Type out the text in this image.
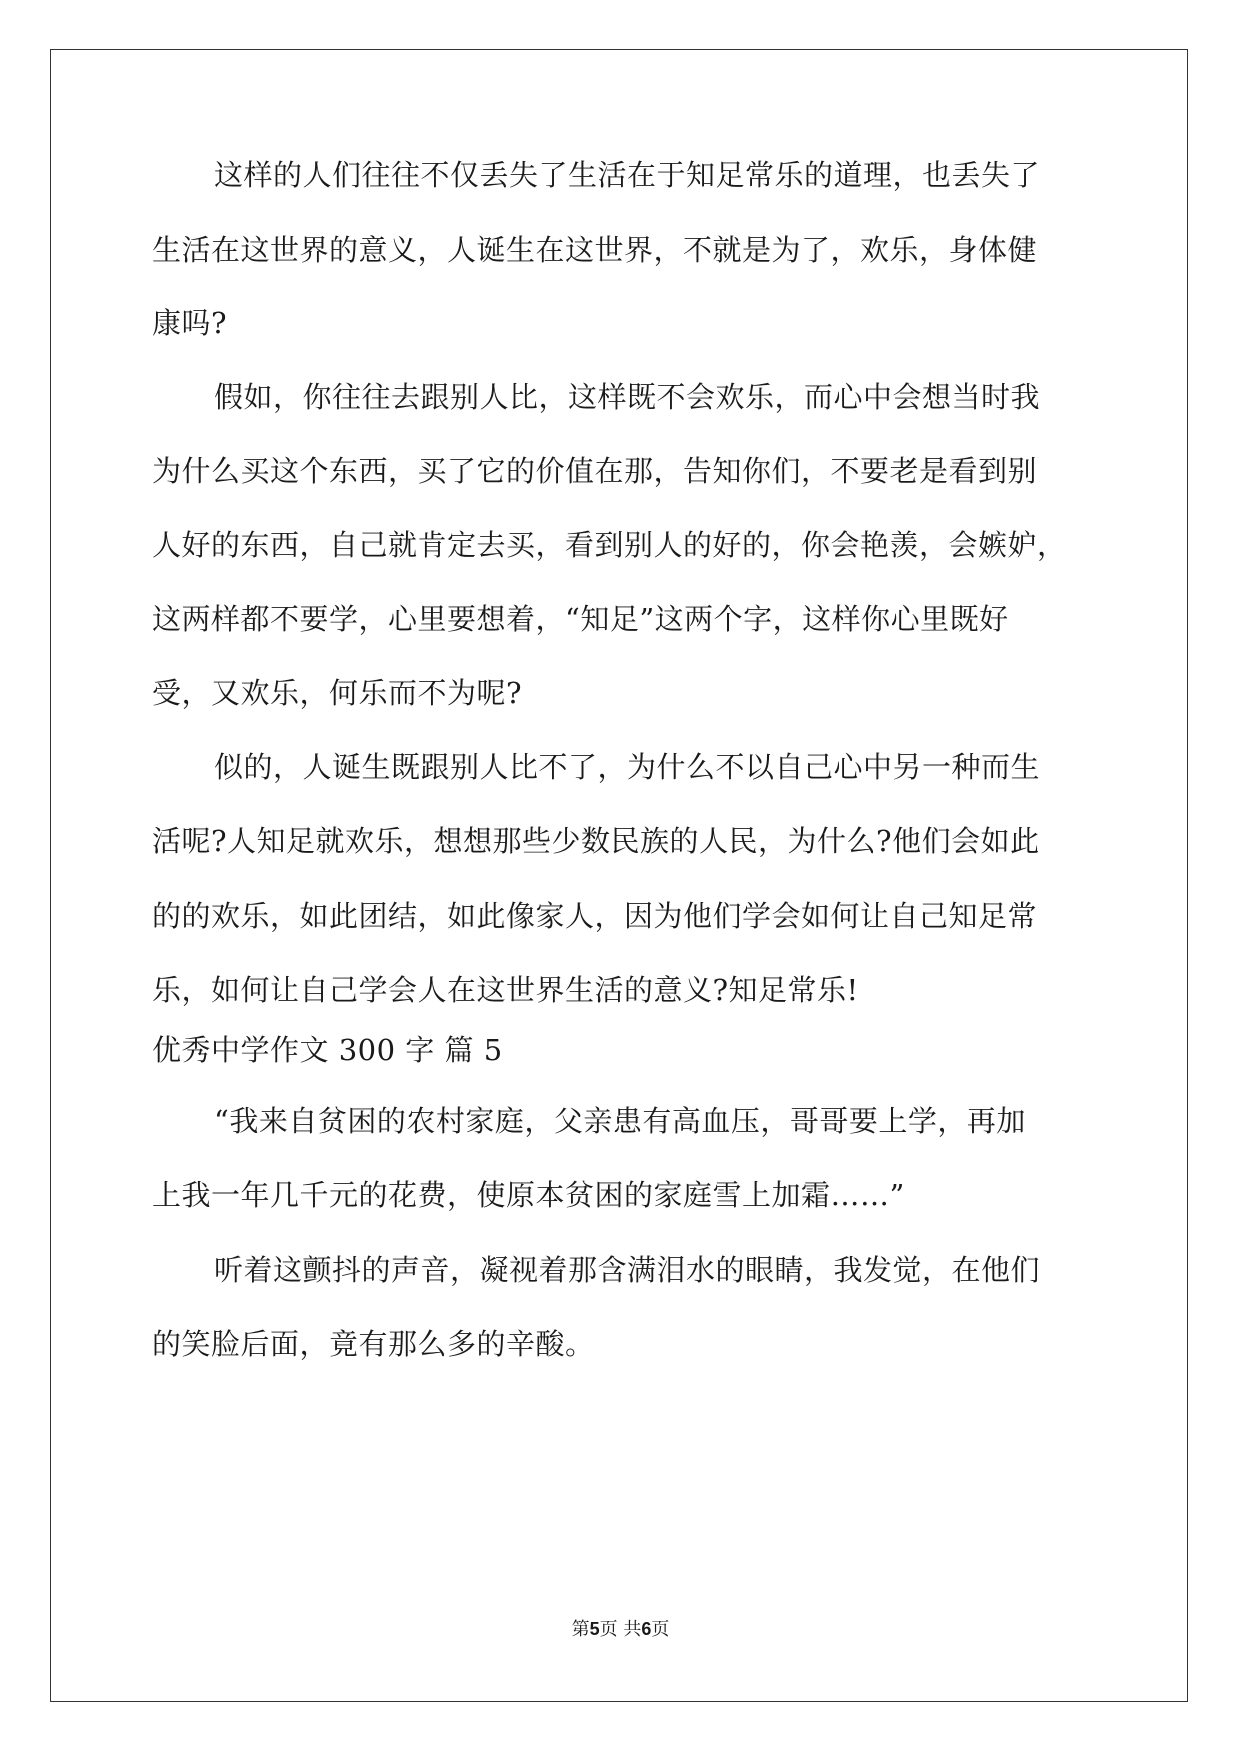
这样的人们往往不仅丢失了生活在于知足常乐的道理，也丢失了
生活在这世界的意义，人诞生在这世界，不就是为了，欢乐，身体健
康吗?
假如，你往往去跟别人比，这样既不会欢乐，而心中会想当时我
为什么买这个东西，买了它的价值在那，告知你们，不要老是看到别
人好的东西，自己就肯定去买，看到别人的好的，你会艳羡，会嫉妒，
这两样都不要学，心里要想着，“知足”这两个字，这样你心里既好
受，又欢乐，何乐而不为呢?
似的，人诞生既跟别人比不了，为什么不以自己心中另一种而生
活呢?人知足就欢乐，想想那些少数民族的人民，为什么?他们会如此
的的欢乐，如此团结，如此像家人，因为他们学会如何让自己知足常
乐，如何让自己学会人在这世界生活的意义?知足常乐!
优秀中学作文 300 字 篇 5
“我来自贫困的农村家庭，父亲患有高血压，哥哥要上学，再加
上我一年几千元的花费，使原本贫困的家庭雪上加霜……”
听着这颤抖的声音，凝视着那含满泪水的眼睛，我发觉，在他们
的笑脸后面，竟有那么多的辛酸。
第5页 共6页
